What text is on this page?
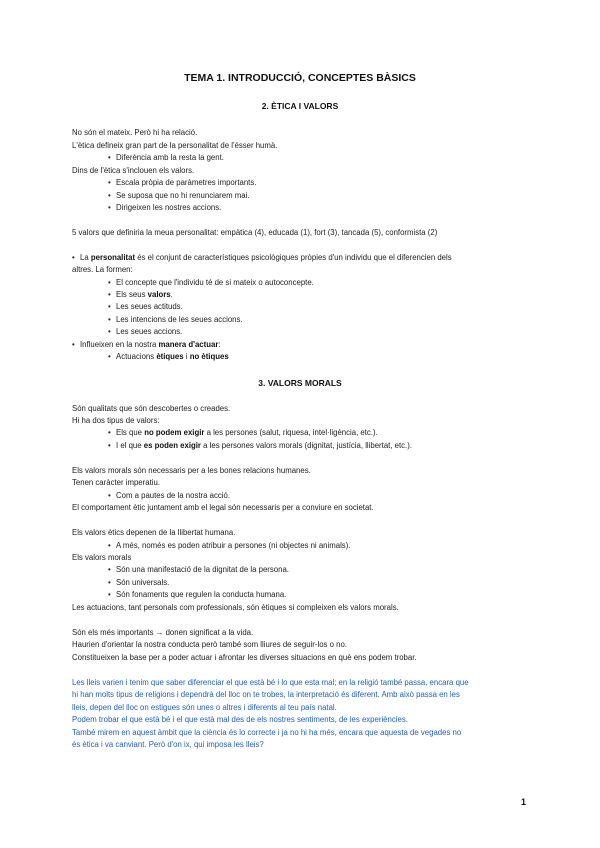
TEMA 1. INTRODUCCIÓ, CONCEPTES BÀSICS
2. ÈTICA I VALORS
No són el mateix. Però hi ha relació.
L'ètica defineix gran part de la personalitat de l'ésser humà.
• Diferència amb la resta la gent.
Dins de l'ètica s'inclouen els valors.
• Escala pròpia de paràmetres importants.
• Se suposa que no hi renunciarem mai.
• Dirigeixen les nostres accions.
5 valors que definiria la meua personalitat: empàtica (4), educada (1), fort (3), tancada (5), conformista (2)
• La personalitat és el conjunt de característiques psicològiques pròpies d'un individu que el diferencien dels
altres. La formen:
• El concepte que l'individu té de si mateix o autoconcepte.
• Els seus valors.
• Les seues actituds.
• Les intencions de les seues accions.
• Les seues accions.
• Influeixen en la nostra manera d'actuar:
• Actuacions ètiques i no ètiques
3. VALORS MORALS
Són qualitats que són descobertes o creades.
Hi ha dos tipus de valors:
• Els que no podem exigir a les persones (salut, riquesa, intel·ligència, etc.).
• I el que es poden exigir a les persones valors morals (dignitat, justícia, llibertat, etc.).
Els valors morals són necessaris per a les bones relacions humanes.
Tenen caràcter imperatiu.
• Com a pautes de la nostra acció.
El comportament ètic juntament amb el legal són necessaris per a conviure en societat.
Els valors ètics depenen de la llibertat humana.
• A més, només es poden atribuir a persones (ni objectes ni animals).
Els valors morals
• Són una manifestació de la dignitat de la persona.
• Són universals.
• Són fonaments que regulen la conducta humana.
Les actuacions, tant personals com professionals, són ètiques si compleixen els valors morals.
Són els més importants → donen significat a la vida.
Haurien d'orientar la nostra conducta però també som lliures de seguir-los o no.
Constitueixen la base per a poder actuar i afrontar les diverses situacions en què ens podem trobar.
Les lleis varien i tenim que saber diferenciar el que està bé i lo que esta mal; en la religió també passa, encara que
hi han molts tipus de religions i dependrà del lloc on te trobes, la interpretació és diferent. Amb això passa en les
lleis, depen del lloc on estigues són unes o altres i diferents al teu país natal.
Podem trobar el que està bé i el que està mal des de els nostres sentiments, de les experiències.
També mirem en aquest àmbit que la ciència és lo correcte i ja no hi ha més, encara que aquesta de vegades no
és ètica i va canviant. Però d'on ix, qui imposa les lleis?
1
